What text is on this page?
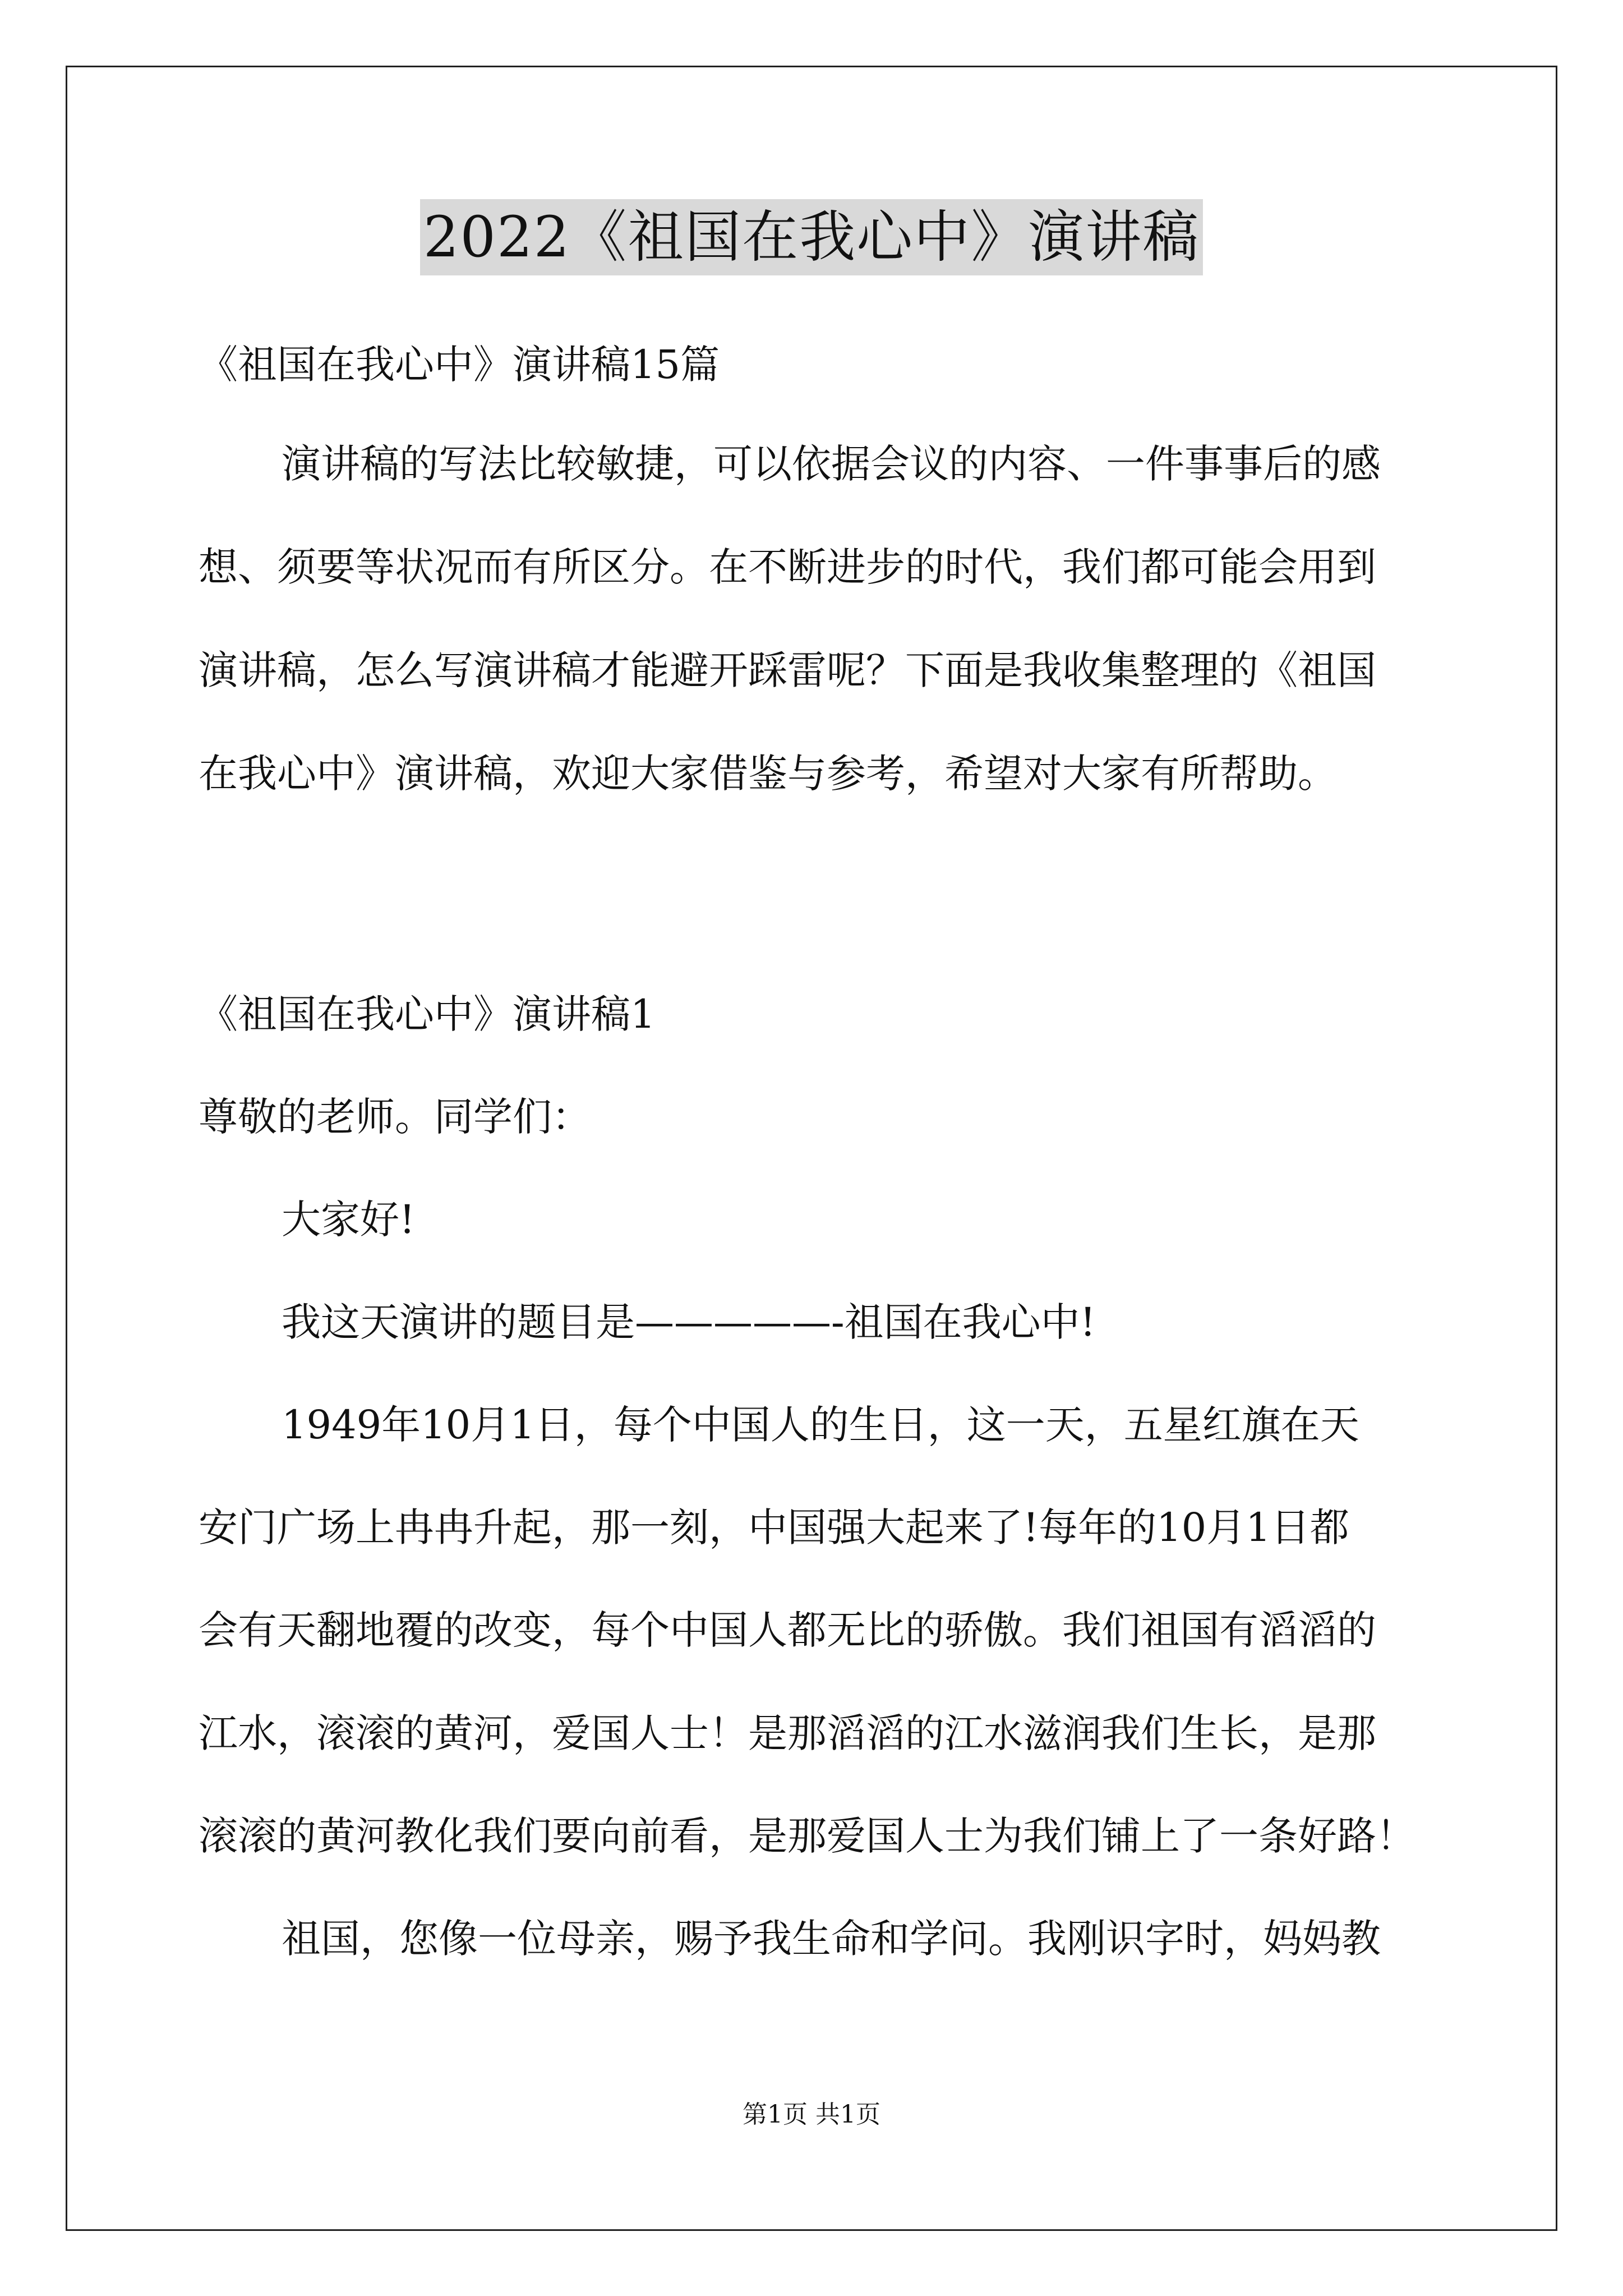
2022《祖国在我心中》演讲稿
《祖国在我心中》演讲稿15篇
演讲稿的写法比较敏捷，可以依据会议的内容、一件事事后的感
想、须要等状况而有所区分。在不断进步的时代，我们都可能会用到
演讲稿，怎么写演讲稿才能避开踩雷呢？下面是我收集整理的《祖国
在我心中》演讲稿，欢迎大家借鉴与参考，希望对大家有所帮助。
《祖国在我心中》演讲稿1
尊敬的老师。同学们：
大家好!
我这天演讲的题目是—————-祖国在我心中!
1949年10月1日，每个中国人的生日，这一天，五星红旗在天
安门广场上冉冉升起，那一刻，中国强大起来了!每年的10月1日都
会有天翻地覆的改变，每个中国人都无比的骄傲。我们祖国有滔滔的
江水，滚滚的黄河，爱国人士！是那滔滔的江水滋润我们生长，是那
滚滚的黄河教化我们要向前看，是那爱国人士为我们铺上了一条好路！
祖国，您像一位母亲，赐予我生命和学问。我刚识字时，妈妈教
第1页 共1页
